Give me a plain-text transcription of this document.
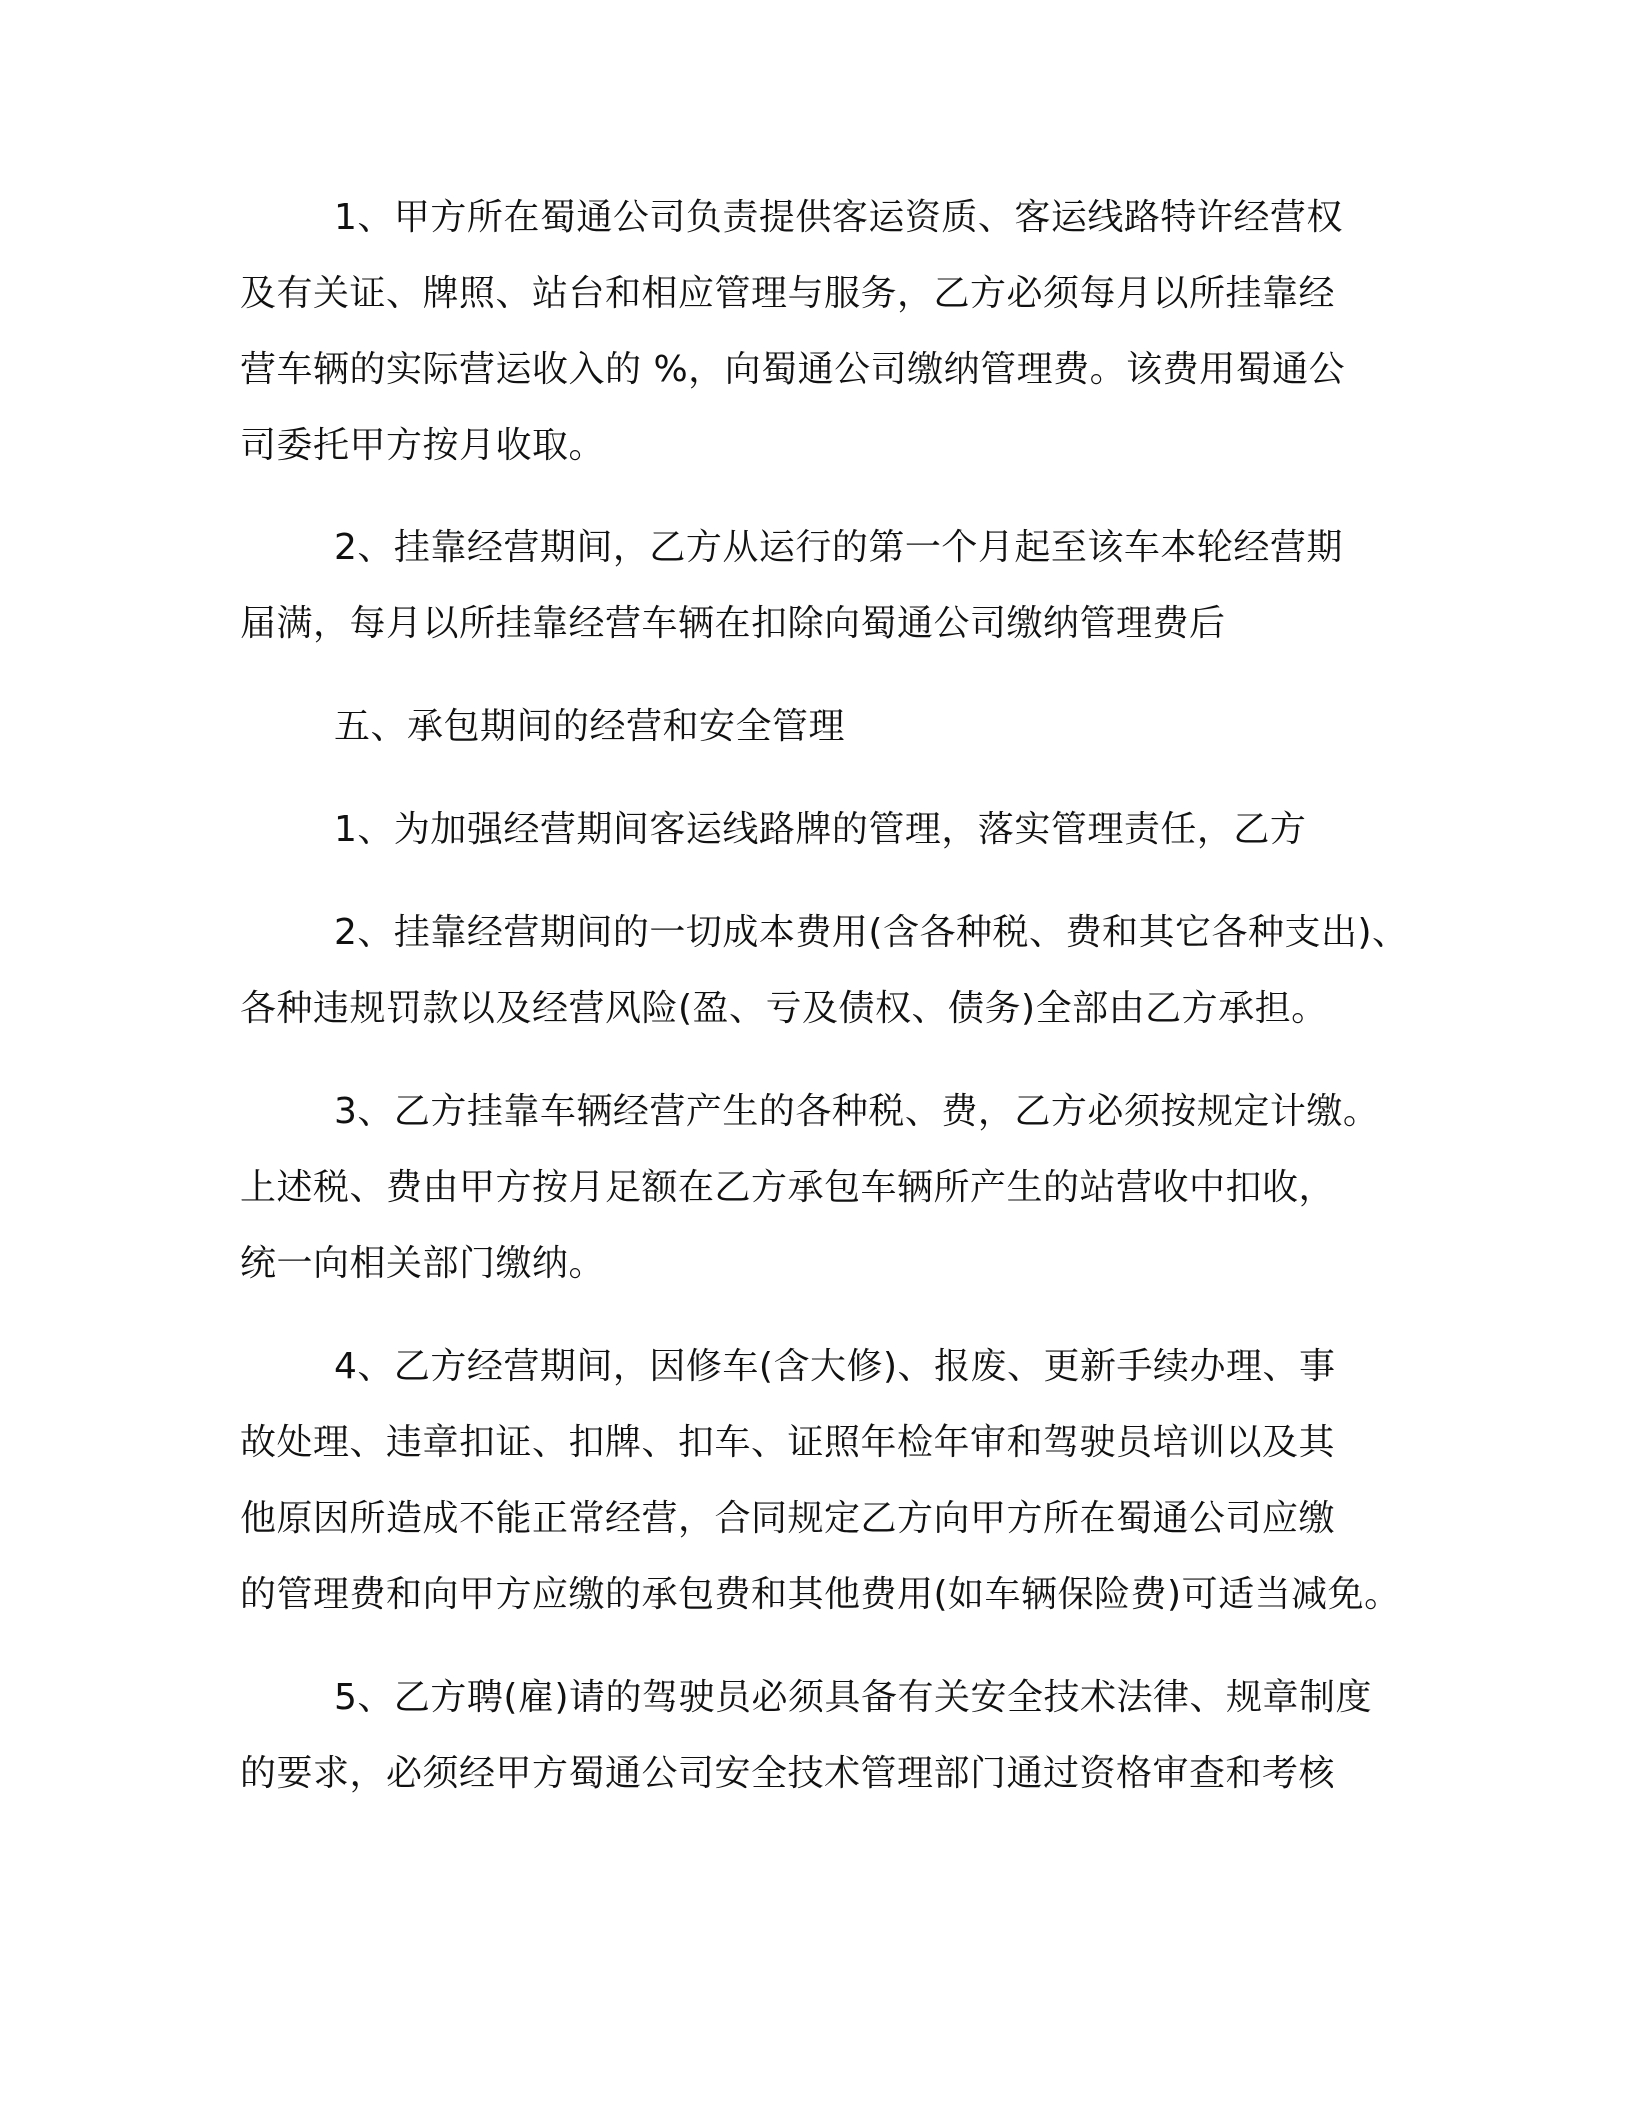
1、甲方所在蜀通公司负责提供客运资质、客运线路特许经营权
及有关证、牌照、站台和相应管理与服务，乙方必须每月以所挂靠经
营车辆的实际营运收入的 %，向蜀通公司缴纳管理费。该费用蜀通公
司委托甲方按月收取。
2、挂靠经营期间，乙方从运行的第一个月起至该车本轮经营期
届满，每月以所挂靠经营车辆在扣除向蜀通公司缴纳管理费后
五、承包期间的经营和安全管理
1、为加强经营期间客运线路牌的管理，落实管理责任，乙方
2、挂靠经营期间的一切成本费用(含各种税、费和其它各种支出)、
各种违规罚款以及经营风险(盈、亏及债权、债务)全部由乙方承担。
3、乙方挂靠车辆经营产生的各种税、费，乙方必须按规定计缴。
上述税、费由甲方按月足额在乙方承包车辆所产生的站营收中扣收，
统一向相关部门缴纳。
4、乙方经营期间，因修车(含大修)、报废、更新手续办理、事
故处理、违章扣证、扣牌、扣车、证照年检年审和驾驶员培训以及其
他原因所造成不能正常经营，合同规定乙方向甲方所在蜀通公司应缴
的管理费和向甲方应缴的承包费和其他费用(如车辆保险费)可适当减免。
5、乙方聘(雇)请的驾驶员必须具备有关安全技术法律、规章制度
的要求，必须经甲方蜀通公司安全技术管理部门通过资格审查和考核
